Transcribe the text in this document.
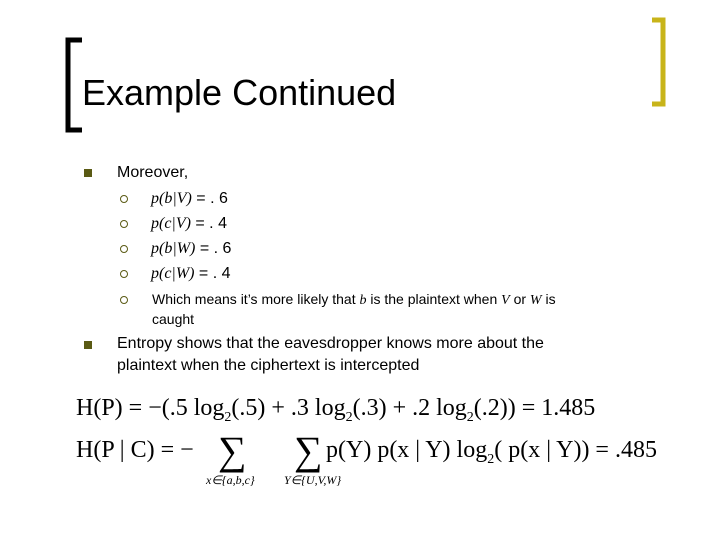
Example Continued
Moreover,
p(b|V) = . 6
p(c|V) = . 4
p(b|W) = . 6
p(c|W) = . 4
Which means it’s more likely that b is the plaintext when V or W is
caught
Entropy shows that the eavesdropper knows more about the
plaintext when the ciphertext is intercepted
H(P) = −(.5 $\log_2(.5) + .3$ $\log_2(.3) + .2$ $\log_2(.2)) = 1.485$
H(P | C) = − ∑
x∈{a,b,c}
∑
Y∈{U,V,W}
p(Y) p(x | Y) $\log_2$( p(x | Y)) = .485
